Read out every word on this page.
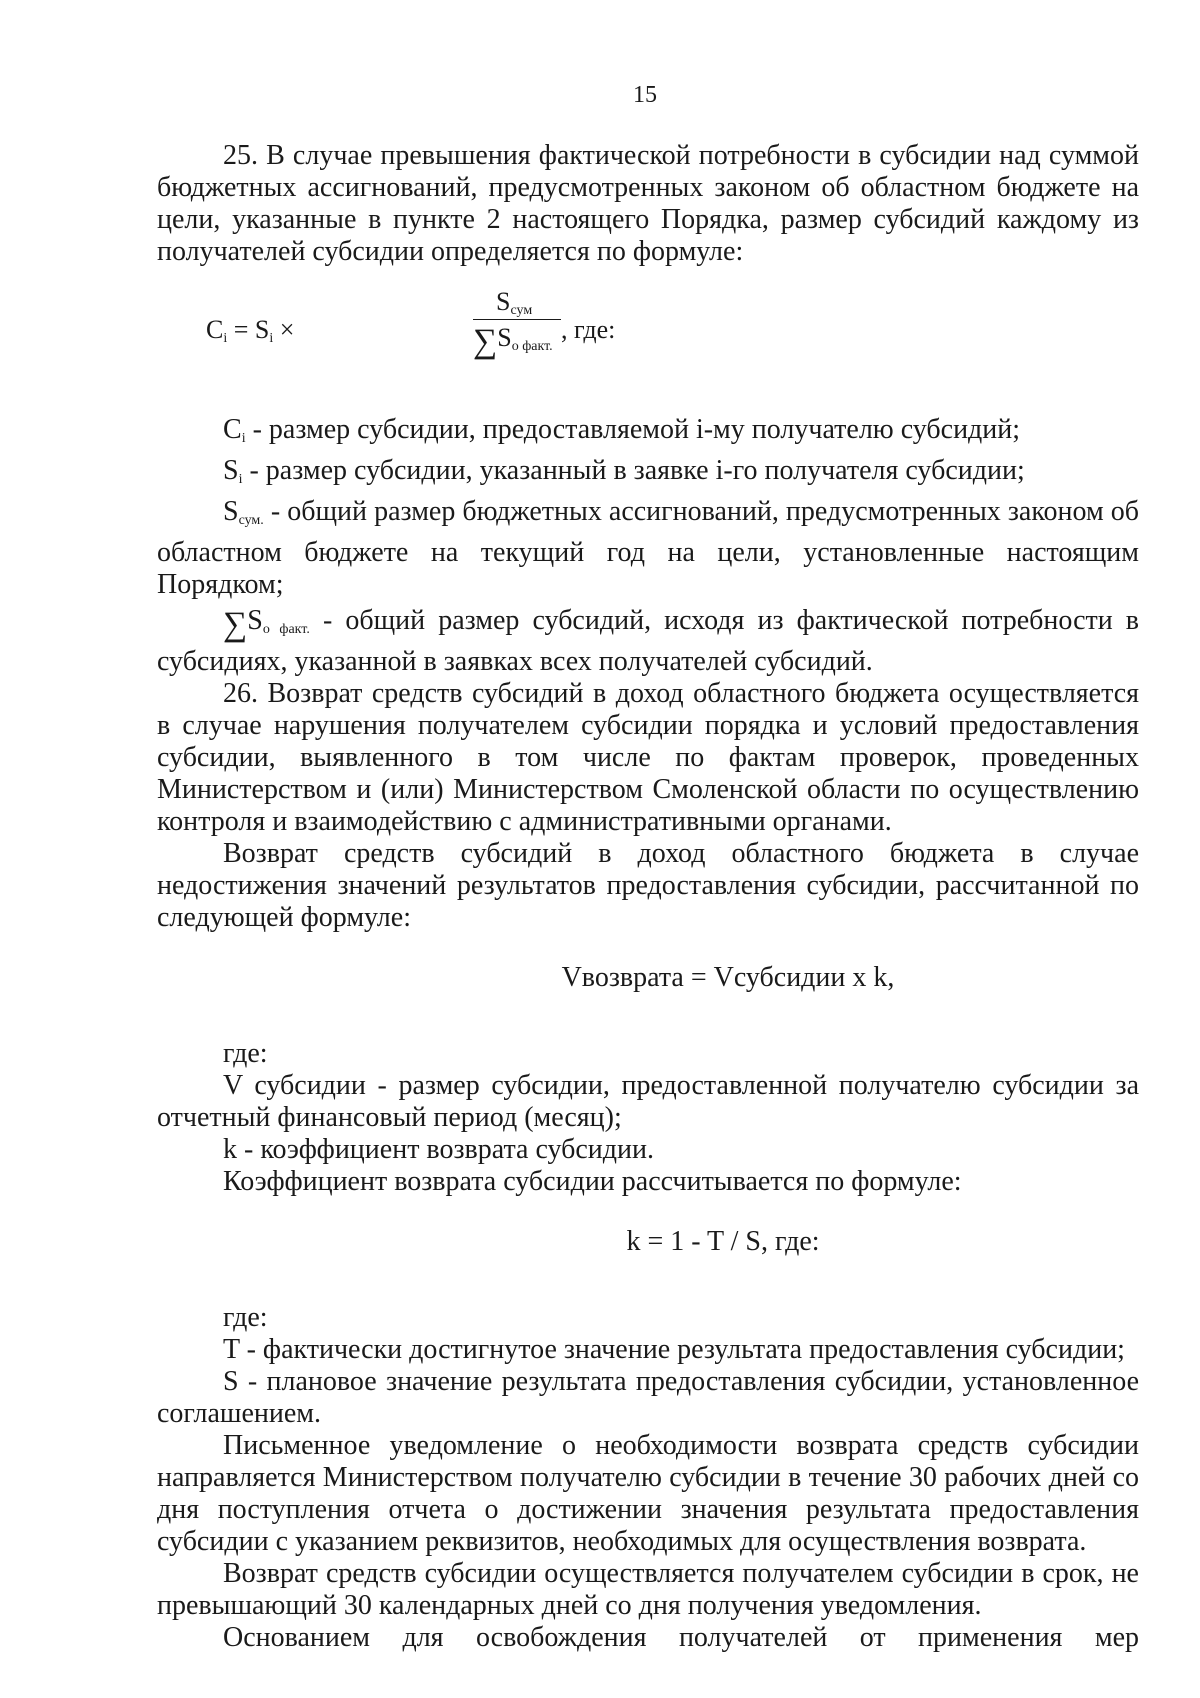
15

25. В случае превышения фактической потребности в субсидии над суммой бюджетных ассигнований, предусмотренных законом об областном бюджете на цели, указанные в пункте 2 настоящего Порядка, размер субсидий каждому из получателей субсидии определяется по формуле:

$C_i = S_i$ ×
$S_{сум}$
$\sum S_{о факт.}$
, где:

$C_i$ - размер субсидии, предоставляемой i-му получателю субсидий;

$S_i$ - размер субсидии, указанный в заявке i-го получателя субсидии;

$S_{сум.}$ - общий размер бюджетных ассигнований, предусмотренных законом об областном бюджете на текущий год на цели, установленные настоящим Порядком;

$\sum S_{о факт.}$ - общий размер субсидий, исходя из фактической потребности в субсидиях, указанной в заявках всех получателей субсидий.

26. Возврат средств субсидий в доход областного бюджета осуществляется в случае нарушения получателем субсидии порядка и условий предоставления субсидии, выявленного в том числе по фактам проверок, проведенных Министерством и (или) Министерством Смоленской области по осуществлению контроля и взаимодействию с административными органами.

Возврат средств субсидий в доход областного бюджета в случае недостижения значений результатов предоставления субсидии, рассчитанной по следующей формуле:

Vвозврата = Vсубсидии x k,

где:

V субсидии - размер субсидии, предоставленной получателю субсидии за отчетный финансовый период (месяц);

k - коэффициент возврата субсидии.

Коэффициент возврата субсидии рассчитывается по формуле:

k = 1 - T / S, где:

где:

T - фактически достигнутое значение результата предоставления субсидии;

S - плановое значение результата предоставления субсидии, установленное соглашением.

Письменное уведомление о необходимости возврата средств субсидии направляется Министерством получателю субсидии в течение 30 рабочих дней со дня поступления отчета о достижении значения результата предоставления субсидии с указанием реквизитов, необходимых для осуществления возврата.

Возврат средств субсидии осуществляется получателем субсидии в срок, не превышающий 30 календарных дней со дня получения уведомления.

Основанием для освобождения получателей от применения мер
